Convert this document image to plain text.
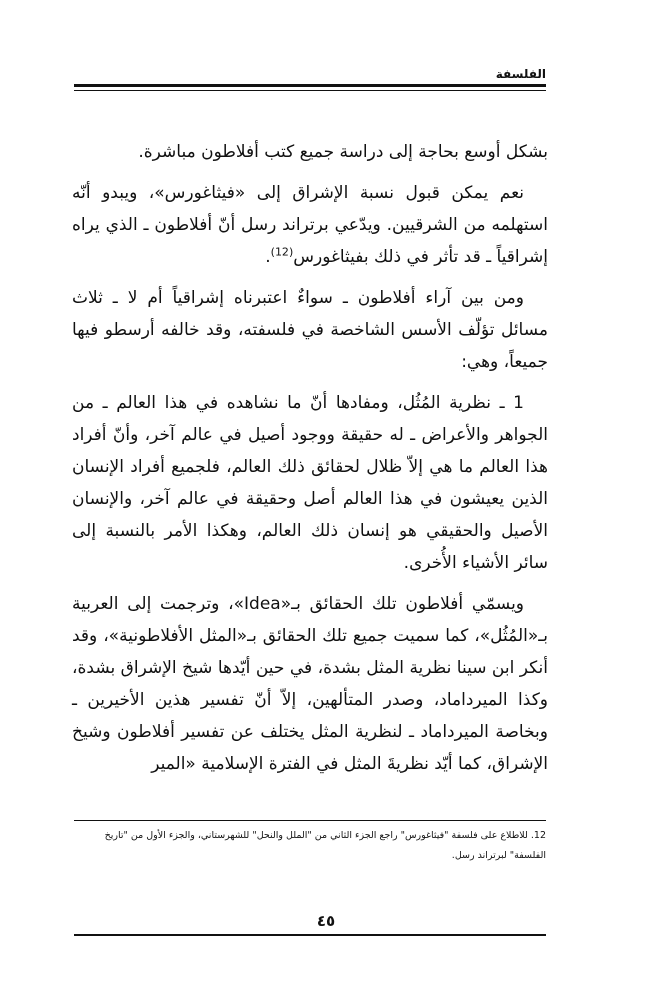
الفلسفة

بشكل أوسع بحاجة إلى دراسة جميع كتب أفلاطون مباشرة.

نعم يمكن قبول نسبة الإشراق إلى «فيثاغورس»، ويبدو أنّه استهلمه من الشرقيين. ويدّعي برتراند رسل أنّ أفلاطون ـ الذي يراه إشراقياً ـ قد تأثر في ذلك بفيثاغورس$^{(12)}$.

ومن بين آراء أفلاطون ـ سواءٌ اعتبرناه إشراقياً أم لا ـ ثلاث مسائل تؤلّف الأسس الشاخصة في فلسفته، وقد خالفه أرسطو فيها جميعاً، وهي:

1 ـ نظرية المُثُل، ومفادها أنّ ما نشاهده في هذا العالم ـ من الجواهر والأعراض ـ له حقيقة ووجود أصيل في عالم آخر، وأنّ أفراد هذا العالم ما هي إلاّ ظلال لحقائق ذلك العالم، فلجميع أفراد الإنسان الذين يعيشون في هذا العالم أصل وحقيقة في عالم آخر، والإنسان الأصيل والحقيقي هو إنسان ذلك العالم، وهكذا الأمر بالنسبة إلى سائر الأشياء الأُخرى.

ويسمّي أفلاطون تلك الحقائق بـ«Idea»، وترجمت إلى العربية بـ«المُثُل»، كما سميت جميع تلك الحقائق بـ«المثل الأفلاطونية»، وقد أنكر ابن سينا نظرية المثل بشدة، في حين أيّدها شيخ الإشراق بشدة، وكذا الميرداماد، وصدر المتألهين، إلاّ أنّ تفسير هذين الأخيرين ـ وبخاصة الميرداماد ـ لنظرية المثل يختلف عن تفسير أفلاطون وشيخ الإشراق، كما أيّد نظريةَ المثل في الفترة الإسلامية «المير

12. للاطلاع على فلسفة "فيثاغورس" راجع الجزء الثاني من "الملل والنحل" للشهرستاني، والجزء الأول من "تاريخ الفلسفة" لبرتراند رسل.
٤٥
